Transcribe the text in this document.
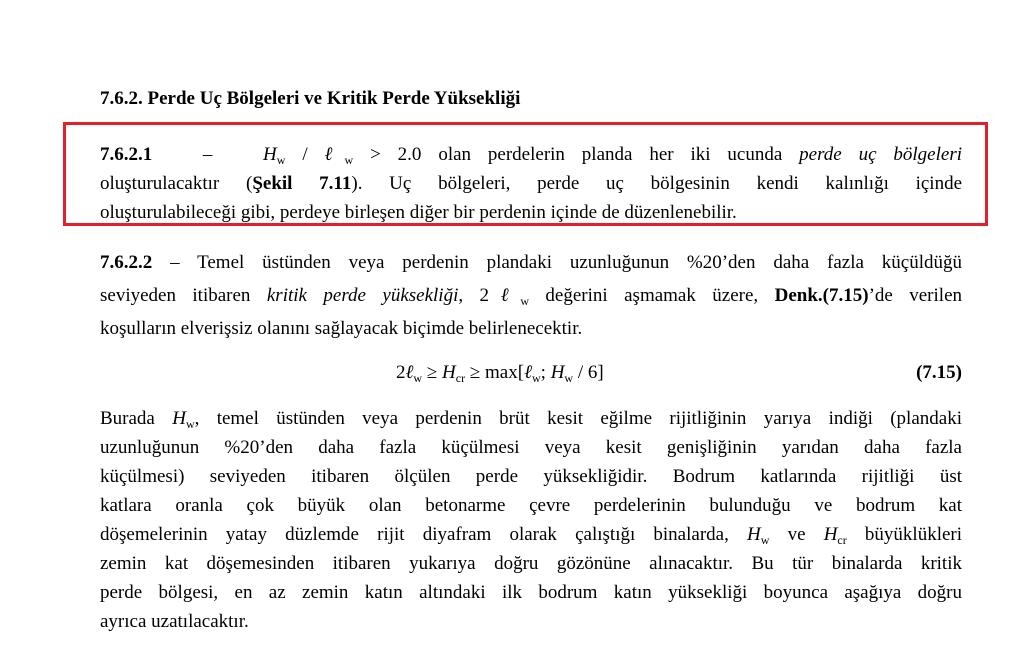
7.6.2. Perde Uç Bölgeleri ve Kritik Perde Yüksekliği
7.6.2.1	–	$H_w$ / ℓ$_w$ > 2.0 olan perdelerin planda her iki ucunda perde uç bölgeleri
oluşturulacaktır (Şekil 7.11). Uç bölgeleri, perde uç bölgesinin kendi kalınlığı içinde
oluşturulabileceği gibi, perdeye birleşen diğer bir perdenin içinde de düzenlenebilir.
7.6.2.2 – Temel üstünden veya perdenin plandaki uzunluğunun %20’den daha fazla küçüldüğü
seviyeden itibaren kritik perde yüksekliği, 2ℓ$_w$ değerini aşmamak üzere, Denk.(7.15)’de verilen
koşulların elverişsiz olanını sağlayacak biçimde belirlenecektir.
2ℓ$_w$ ≥ $H_{cr}$ ≥ max[ℓ$_w$; $H_w / 6$]	(7.15)
Burada $H_w$, temel üstünden veya perdenin brüt kesit eğilme rijitliğinin yarıya indiği (plandaki
uzunluğunun %20’den daha fazla küçülmesi veya kesit genişliğinin yarıdan daha fazla
küçülmesi) seviyeden itibaren ölçülen perde yüksekliğidir. Bodrum katlarında rijitliği üst
katlara oranla çok büyük olan betonarme çevre perdelerinin bulunduğu ve bodrum kat
döşemelerinin yatay düzlemde rijit diyafram olarak çalıştığı binalarda, $H_w$ ve $H_{cr}$ büyüklükleri
zemin kat döşemesinden itibaren yukarıya doğru gözönüne alınacaktır. Bu tür binalarda kritik
perde bölgesi, en az zemin katın altındaki ilk bodrum katın yüksekliği boyunca aşağıya doğru
ayrıca uzatılacaktır.
